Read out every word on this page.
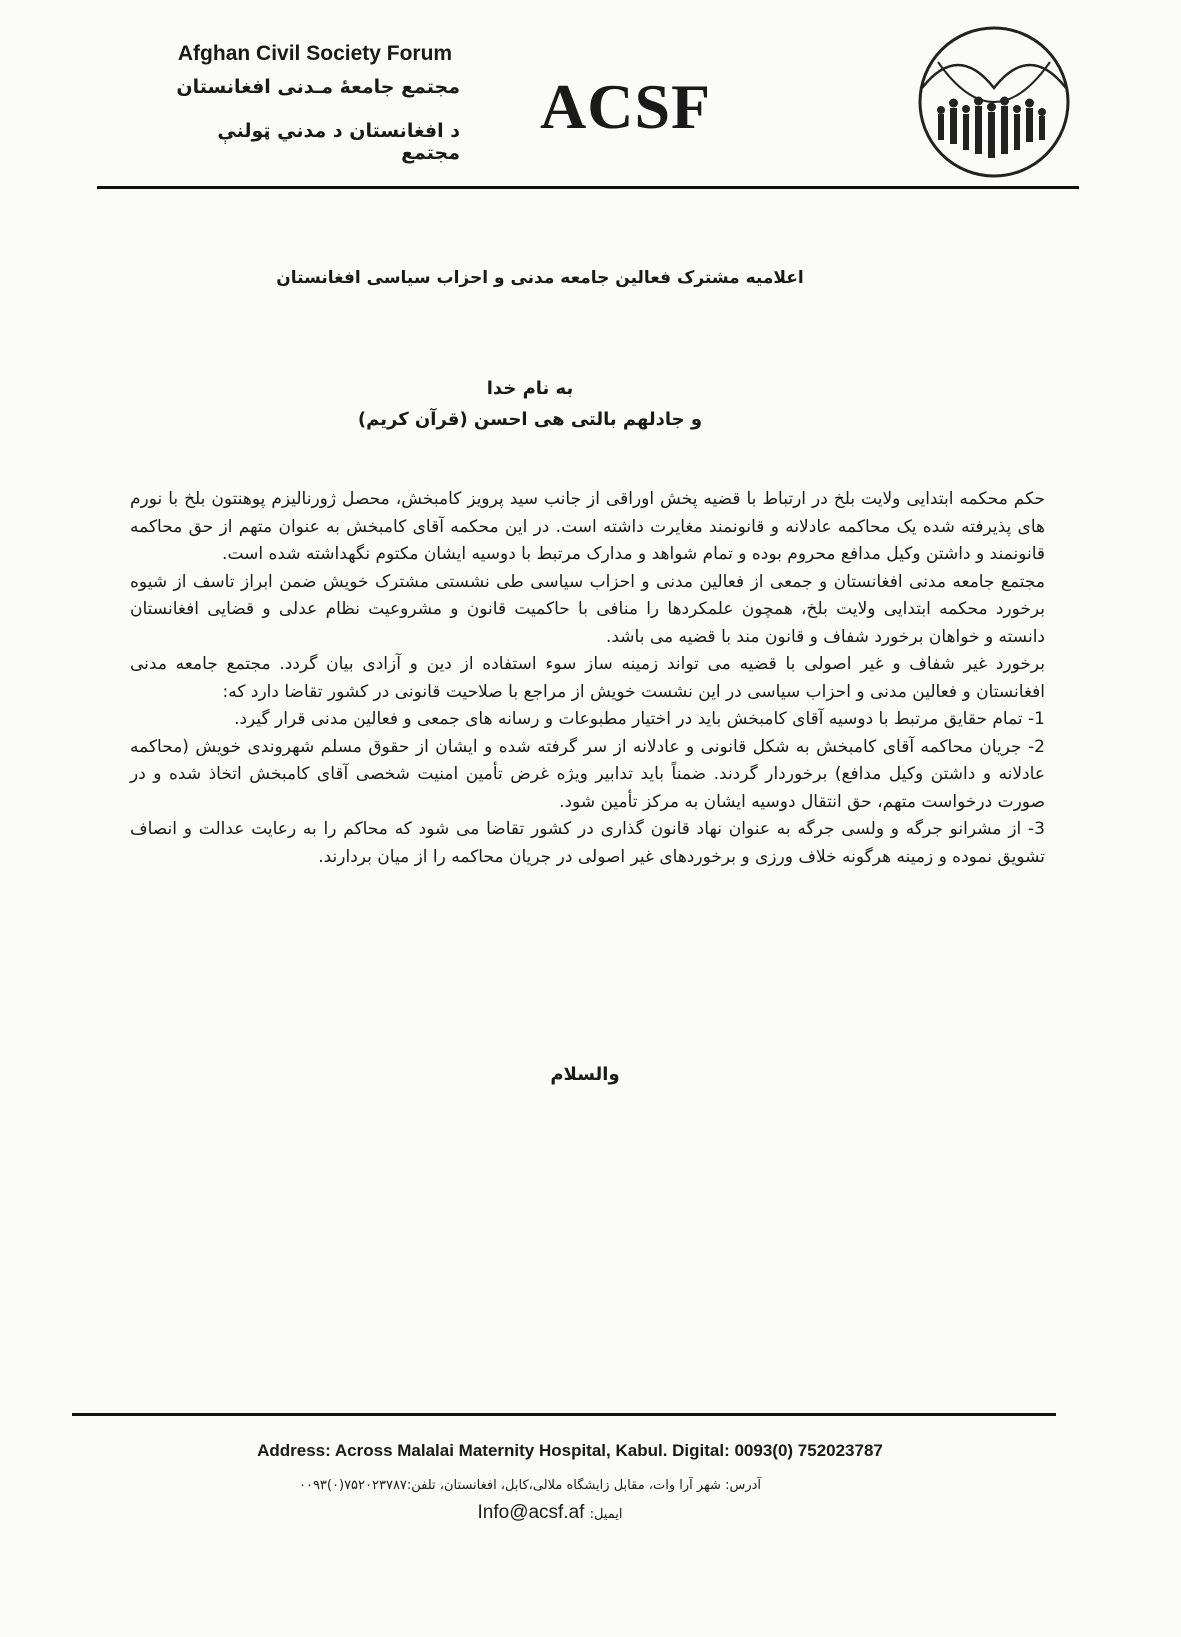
Afghan Civil Society Forum

مجتمع جامعهٔ مـدنی افغانستان

د افغانستان د مدني ټولنې مجتمع

ACSF

اعلامیه مشترک فعالین جامعه مدنی و احزاب سیاسی افغانستان

به نام خدا

و جادلهم بالتی هی احسن (قرآن کریم)

حکم محکمه ابتدایی ولایت بلخ در ارتباط با قضیه پخش اوراقی از جانب سید پرویز کامبخش، محصل ژورنالیزم پوهنتون بلخ با نورم های پذیرفته شده یک محاکمه عادلانه و قانونمند مغایرت داشته است. در این محکمه آقای کامبخش به عنوان متهم از حق محاکمه قانونمند و داشتن وکیل مدافع محروم بوده و تمام شواهد و مدارک مرتبط با دوسیه ایشان مکتوم نگهداشته شده است.

مجتمع جامعه مدنی افغانستان و جمعی از فعالین مدنی و احزاب سیاسی طی نشستی مشترک خویش ضمن ابراز تاسف از شیوه برخورد محکمه ابتدایی ولایت بلخ، همچون علمکردها را منافی با حاکمیت قانون و مشروعیت نظام عدلی و قضایی افغانستان دانسته و خواهان برخورد شفاف و قانون مند با قضیه می باشد.

برخورد غیر شفاف و غیر اصولی با قضیه می تواند زمینه ساز سوء استفاده از دین و آزادی بیان گردد. مجتمع جامعه مدنی افغانستان و فعالین مدنی و احزاب سیاسی در این نشست خویش از مراجع با صلاحیت قانونی در کشور تقاضا دارد که:

1- تمام حقایق مرتبط با دوسیه آقای کامبخش باید در اختیار مطبوعات و رسانه های جمعی و فعالین مدنی قرار گیرد.

2- جریان محاکمه آقای کامبخش به شکل قانونی و عادلانه از سر گرفته شده و ایشان از حقوق مسلم شهروندی خویش (محاکمه عادلانه و داشتن وکیل مدافع) برخوردار گردند. ضمناً باید تدابیر ویژه غرض تأمین امنیت شخصی آقای کامبخش اتخاذ شده و در صورت درخواست متهم، حق انتقال دوسیه ایشان به مرکز تأمین شود.

3- از مشرانو جرگه و ولسی جرگه به عنوان نهاد قانون گذاری در کشور تقاضا می شود که محاکم را به رعایت عدالت و انصاف تشویق نموده و زمینه هرگونه خلاف ورزی و برخوردهای غیر اصولی در جریان محاکمه را از میان بردارند.

والسلام

Address: Across Malalai Maternity Hospital, Kabul. Digital: 0093(0) 752023787

آدرس: شهر آرا وات، مقابل زایشگاه ملالی،کابل، افغانستان، تلفن:۷۵۲۰۲۳۷۸۷(۰)۰۰۹۳

ایمیل: Info@acsf.af
